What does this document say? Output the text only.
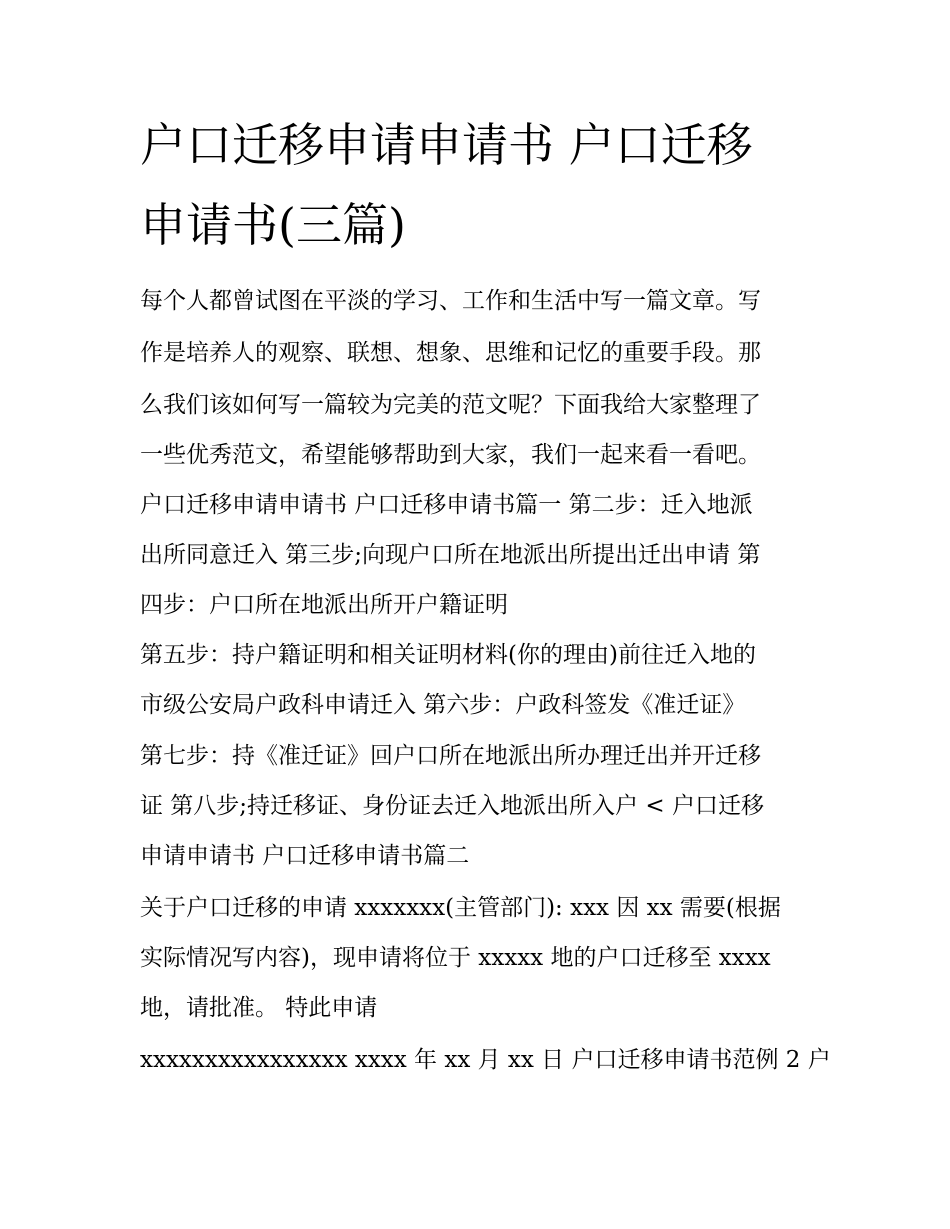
户口迁移申请申请书 户口迁移
申请书(三篇)

每个人都曾试图在平淡的学习、工作和生活中写一篇文章。写

作是培养人的观察、联想、想象、思维和记忆的重要手段。那

么我们该如何写一篇较为完美的范文呢？下面我给大家整理了

一些优秀范文，希望能够帮助到大家，我们一起来看一看吧。

户口迁移申请申请书 户口迁移申请书篇一 第二步：迁入地派

出所同意迁入 第三步;向现户口所在地派出所提出迁出申请 第

四步：户口所在地派出所开户籍证明

第五步：持户籍证明和相关证明材料(你的理由)前往迁入地的

市级公安局户政科申请迁入 第六步：户政科签发《准迁证》

第七步：持《准迁证》回户口所在地派出所办理迁出并开迁移

证 第八步;持迁移证、身份证去迁入地派出所入户 < 户口迁移

申请申请书 户口迁移申请书篇二

关于户口迁移的申请 xxxxxxx(主管部门): xxx 因 xx 需要(根据

实际情况写内容)，现申请将位于 xxxxx 地的户口迁移至 xxxx

地，请批准。 特此申请

xxxxxxxxxxxxxxxx xxxx 年 xx 月 xx 日 户口迁移申请书范例 2 户
